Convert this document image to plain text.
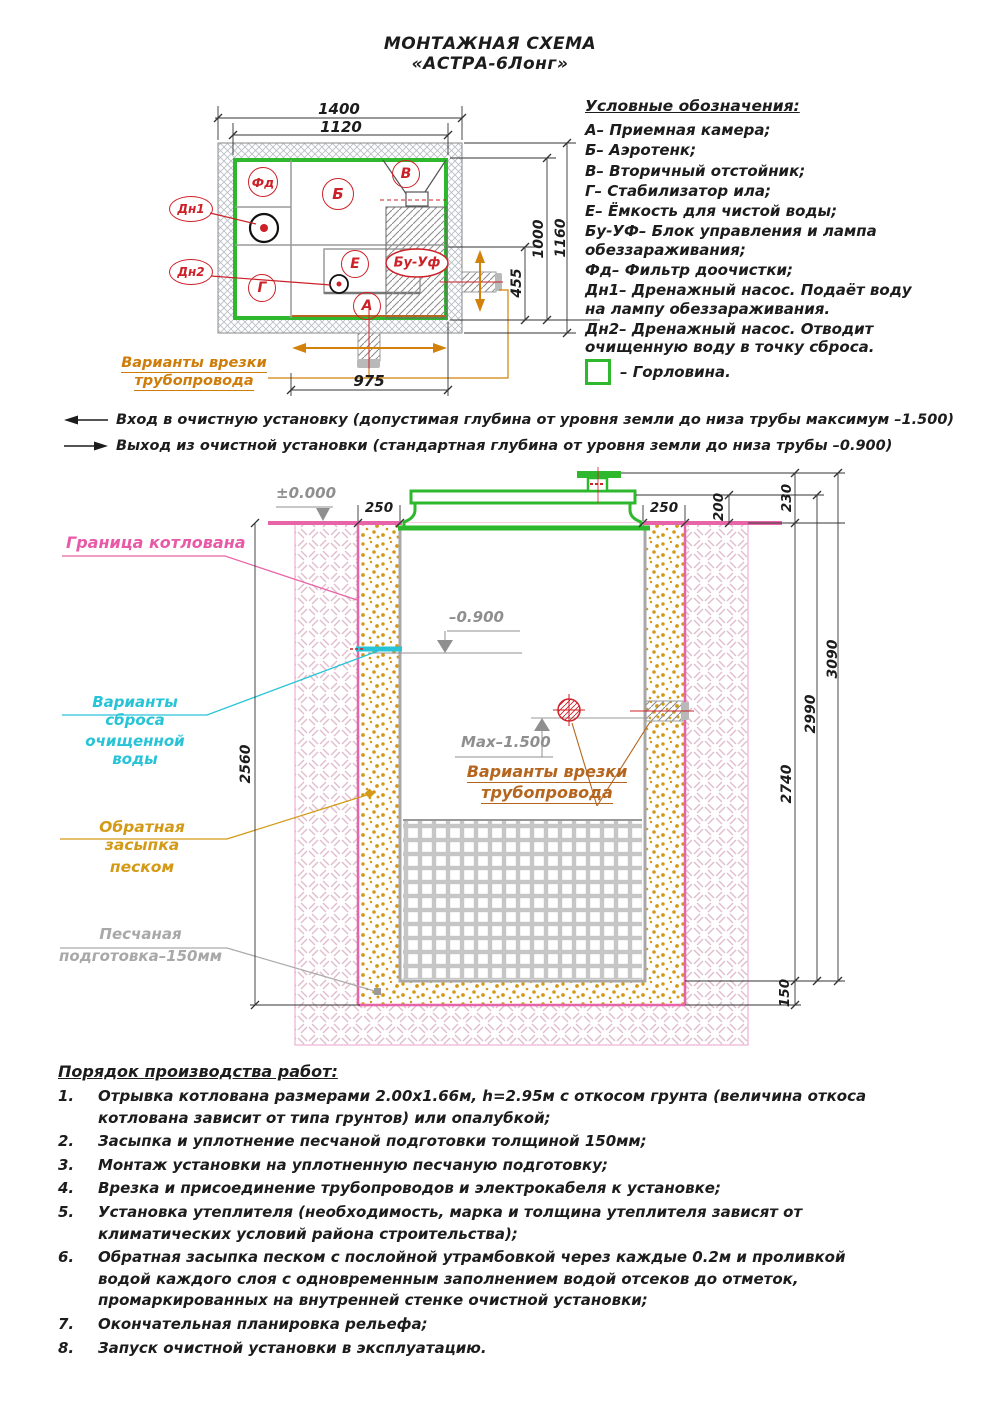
МОНТАЖНАЯ СХЕМА
«АСТРА-6Лонг»
Условные обозначения:
А– Приемная камера;
Б– Аэротенк;
В– Вторичный отстойник;
Г– Стабилизатор ила;
Е– Ёмкость для чистой воды;
Бу-УФ– Блок управления и лампа обеззараживания;
Фд– Фильтр доочистки;
Дн1– Дренажный насос. Подаёт воду на лампу обеззараживания.
Дн2– Дренажный насос. Отводит очищенную воду в точку сброса.
– Горловина.
1400
1120
975
1000 1160
455
Фд
Б
В
Г
Е
А
Бу-Уф
Дн1
Дн2
Варианты врезки
трубопровода
Вход в очистную установку (допустимая глубина от уровня земли до низа трубы максимум –1.500)
Выход из очистной установки (стандартная глубина от уровня земли до низа трубы –0.900)
±0.000
–0.900
Max–1.500
250	250 200	230
2740
2990
3090
150
2560
Граница котлована
Варианты сброса
очищенной воды
Обратная засыпка
песком
Песчаная
подготовка–150мм
Варианты врезки
трубопровода
Порядок производства работ:
1.	Отрывка котлована размерами 2.00х1.66м, h=2.95м с откосом грунта (величина откоса котлована зависит от типа грунтов) или опалубкой;
2.	Засыпка и уплотнение песчаной подготовки толщиной 150мм;
3.	Монтаж установки на уплотненную песчаную подготовку;
4.	Врезка и присоединение трубопроводов и электрокабеля к установке;
5.	Установка утеплителя (необходимость, марка и толщина утеплителя зависят от климатических условий района строительства);
6.	Обратная засыпка песком с послойной утрамбовкой через каждые 0.2м и проливкой водой каждого слоя с одновременным заполнением водой отсеков до отметок, промаркированных на внутренней стенке очистной установки;
7.	Окончательная планировка рельефа;
8.	Запуск очистной установки в эксплуатацию.
